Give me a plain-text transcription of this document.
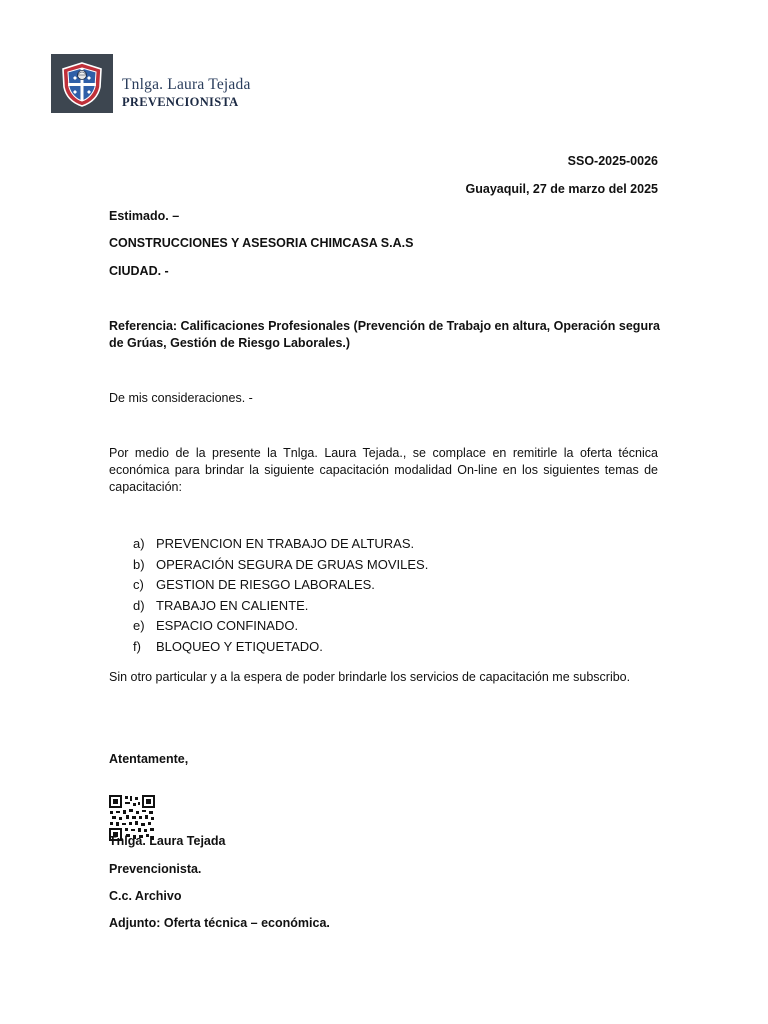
Tnlga. Laura Tejada
PREVENCIONISTA
SSO-2025-0026
Guayaquil, 27 de marzo del 2025
Estimado. –
CONSTRUCCIONES Y ASESORIA CHIMCASA S.A.S
CIUDAD. -
Referencia: Calificaciones Profesionales (Prevención de Trabajo en altura, Operación segura
de Grúas, Gestión de Riesgo Laborales.)
De mis consideraciones. -
Por medio de la presente la Tnlga. Laura Tejada., se complace en remitirle la oferta técnica económica para brindar la siguiente capacitación modalidad On-line en los siguientes temas de capacitación:
a) PREVENCION EN TRABAJO DE ALTURAS.
b) OPERACIÓN SEGURA DE GRUAS MOVILES.
c) GESTION DE RIESGO LABORALES.
d) TRABAJO EN CALIENTE.
e) ESPACIO CONFINADO.
f) BLOQUEO Y ETIQUETADO.
Sin otro particular y a la espera de poder brindarle los servicios de capacitación me subscribo.
Atentamente,
Tnlga. Laura Tejada
Prevencionista.
C.c. Archivo
Adjunto: Oferta técnica – económica.
